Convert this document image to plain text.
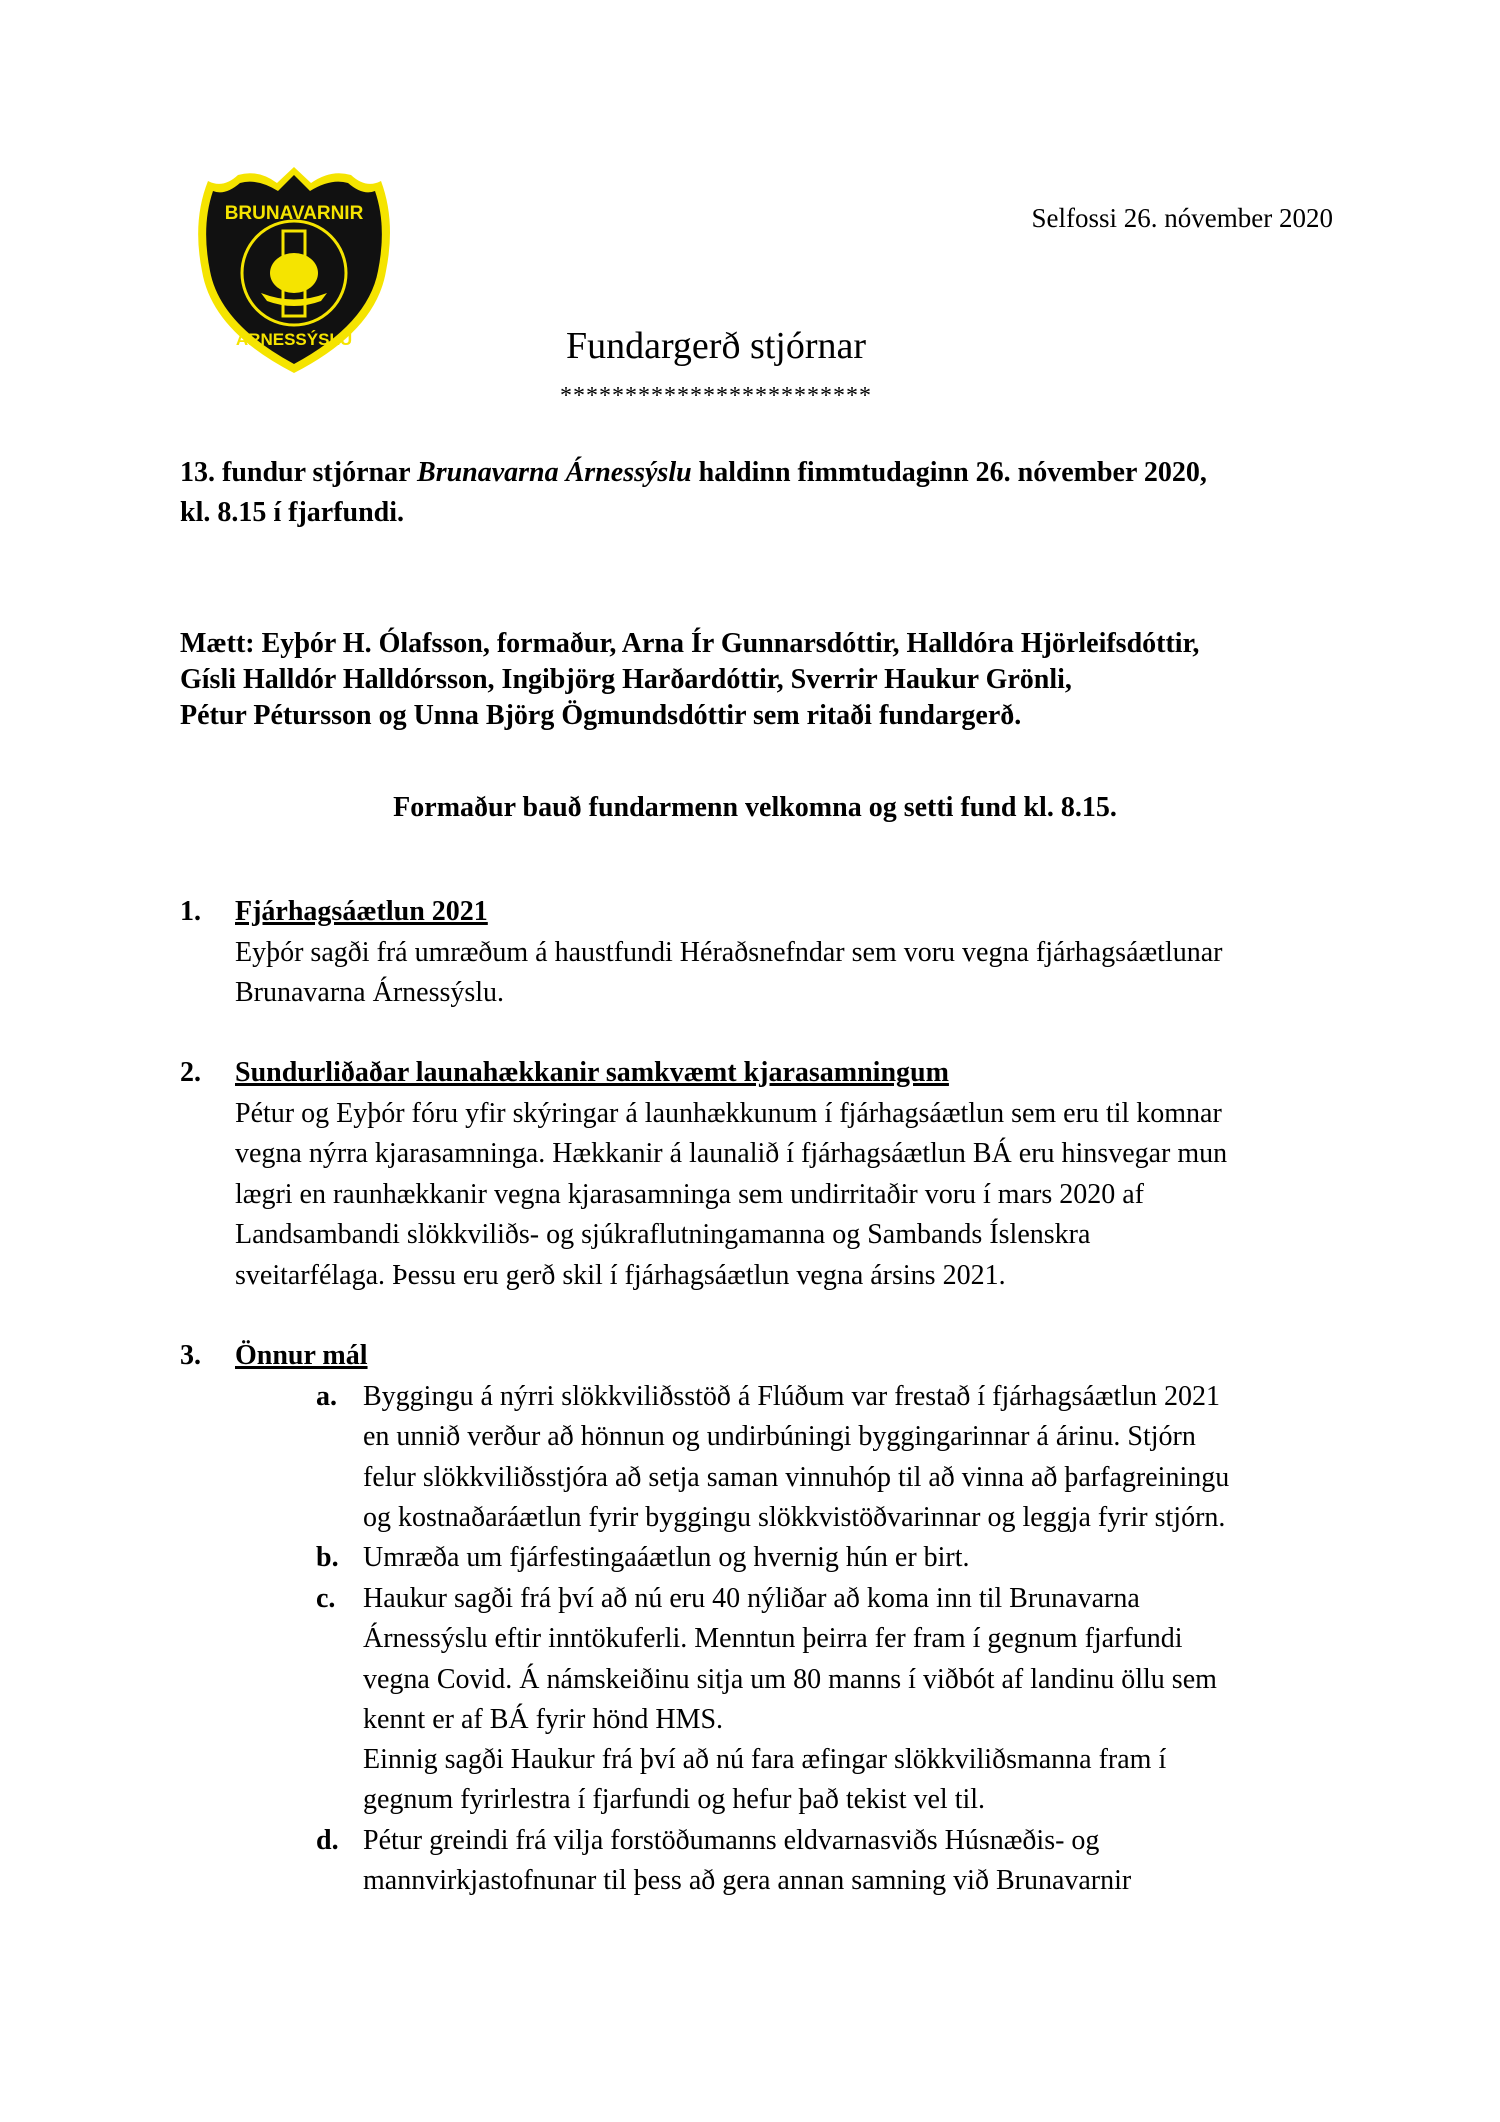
BRUNAVARNIR
ÁRNESSÝSLU
Selfossi 26. nóvember 2020
Fundargerð stjórnar
************************
13. fundur stjórnar Brunavarna Árnessýslu haldinn fimmtudaginn 26. nóvember 2020,
kl. 8.15 í fjarfundi.
Mætt: Eyþór H. Ólafsson, formaður, Arna Ír Gunnarsdóttir, Halldóra Hjörleifsdóttir,
Gísli Halldór Halldórsson, Ingibjörg Harðardóttir, Sverrir Haukur Grönli,
Pétur Pétursson og Unna Björg Ögmundsdóttir sem ritaði fundargerð.
Formaður bauð fundarmenn velkomna og setti fund kl. 8.15.
1. Fjárhagsáætlun 2021
Eyþór sagði frá umræðum á haustfundi Héraðsnefndar sem voru vegna fjárhagsáætlunar
Brunavarna Árnessýslu.
2. Sundurliðaðar launahækkanir samkvæmt kjarasamningum
Pétur og Eyþór fóru yfir skýringar á launhækkunum í fjárhagsáætlun sem eru til komnar
vegna nýrra kjarasamninga. Hækkanir á launalið í fjárhagsáætlun BÁ eru hinsvegar mun
lægri en raunhækkanir vegna kjarasamninga sem undirritaðir voru í mars 2020 af
Landsambandi slökkviliðs- og sjúkraflutningamanna og Sambands Íslenskra
sveitarfélaga. Þessu eru gerð skil í fjárhagsáætlun vegna ársins 2021.
3. Önnur mál
a. Byggingu á nýrri slökkviliðsstöð á Flúðum var frestað í fjárhagsáætlun 2021
en unnið verður að hönnun og undirbúningi byggingarinnar á árinu. Stjórn
felur slökkviliðsstjóra að setja saman vinnuhóp til að vinna að þarfagreiningu
og kostnaðaráætlun fyrir byggingu slökkvistöðvarinnar og leggja fyrir stjórn.
b. Umræða um fjárfestingaáætlun og hvernig hún er birt.
c. Haukur sagði frá því að nú eru 40 nýliðar að koma inn til Brunavarna
Árnessýslu eftir inntökuferli. Menntun þeirra fer fram í gegnum fjarfundi
vegna Covid. Á námskeiðinu sitja um 80 manns í viðbót af landinu öllu sem
kennt er af BÁ fyrir hönd HMS.
Einnig sagði Haukur frá því að nú fara æfingar slökkviliðsmanna fram í
gegnum fyrirlestra í fjarfundi og hefur það tekist vel til.
d. Pétur greindi frá vilja forstöðumanns eldvarnasviðs Húsnæðis- og
mannvirkjastofnunar til þess að gera annan samning við Brunavarnir
